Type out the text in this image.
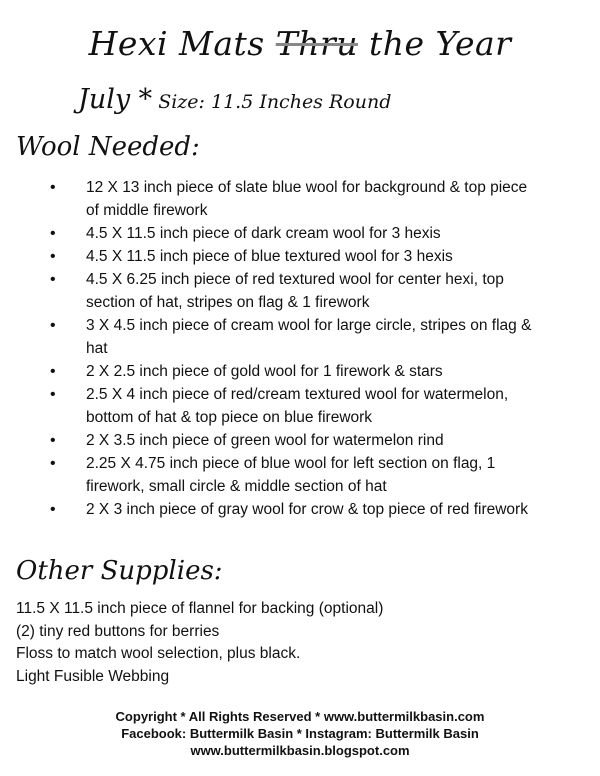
Hexi Mats Thru the Year
July * Size: 11.5 Inches Round
Wool Needed:
• 12 X 13 inch piece of slate blue wool for background & top piece of middle firework
• 4.5 X 11.5 inch piece of dark cream wool for 3 hexis
• 4.5 X 11.5 inch piece of blue textured wool for 3 hexis
• 4.5 X 6.25 inch piece of red textured wool for center hexi, top section of hat, stripes on flag & 1 firework
• 3 X 4.5 inch piece of cream wool for large circle, stripes on flag & hat
• 2 X 2.5 inch piece of gold wool for 1 firework & stars
• 2.5 X 4 inch piece of red/cream textured wool for watermelon, bottom of hat & top piece on blue firework
• 2 X 3.5 inch piece of green wool for watermelon rind
• 2.25 X 4.75 inch piece of blue wool for left section on flag, 1 firework, small circle & middle section of hat
• 2 X 3 inch piece of gray wool for crow & top piece of red firework
Other Supplies:
11.5 X 11.5 inch piece of flannel for backing (optional)
(2) tiny red buttons for berries
Floss to match wool selection, plus black.
Light Fusible Webbing
Copyright * All Rights Reserved * www.buttermilkbasin.com
Facebook: Buttermilk Basin * Instagram: Buttermilk Basin
www.buttermilkbasin.blogspot.com
